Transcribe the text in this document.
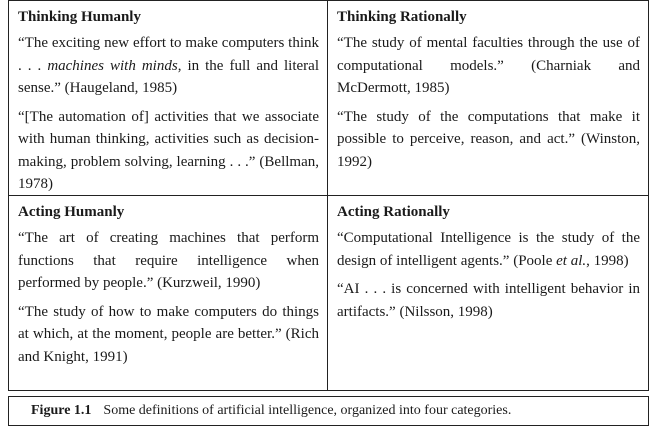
Thinking Humanly
“The exciting new effort to make computers think . . . machines with minds, in the full and literal sense.” (Haugeland, 1985)
“[The automation of] activities that we associate with human thinking, activities such as decision-making, problem solving, learning . . .” (Bellman, 1978)
Thinking Rationally
“The study of mental faculties through the use of computational models.” (Charniak and McDermott, 1985)
“The study of the computations that make it possible to perceive, reason, and act.” (Winston, 1992)
Acting Humanly
“The art of creating machines that perform functions that require intelligence when performed by people.” (Kurzweil, 1990)
“The study of how to make computers do things at which, at the moment, people are better.” (Rich and Knight, 1991)
Acting Rationally
“Computational Intelligence is the study of the design of intelligent agents.” (Poole et al., 1998)
“AI . . . is concerned with intelligent behavior in artifacts.” (Nilsson, 1998)
Figure 1.1 Some definitions of artificial intelligence, organized into four categories.
